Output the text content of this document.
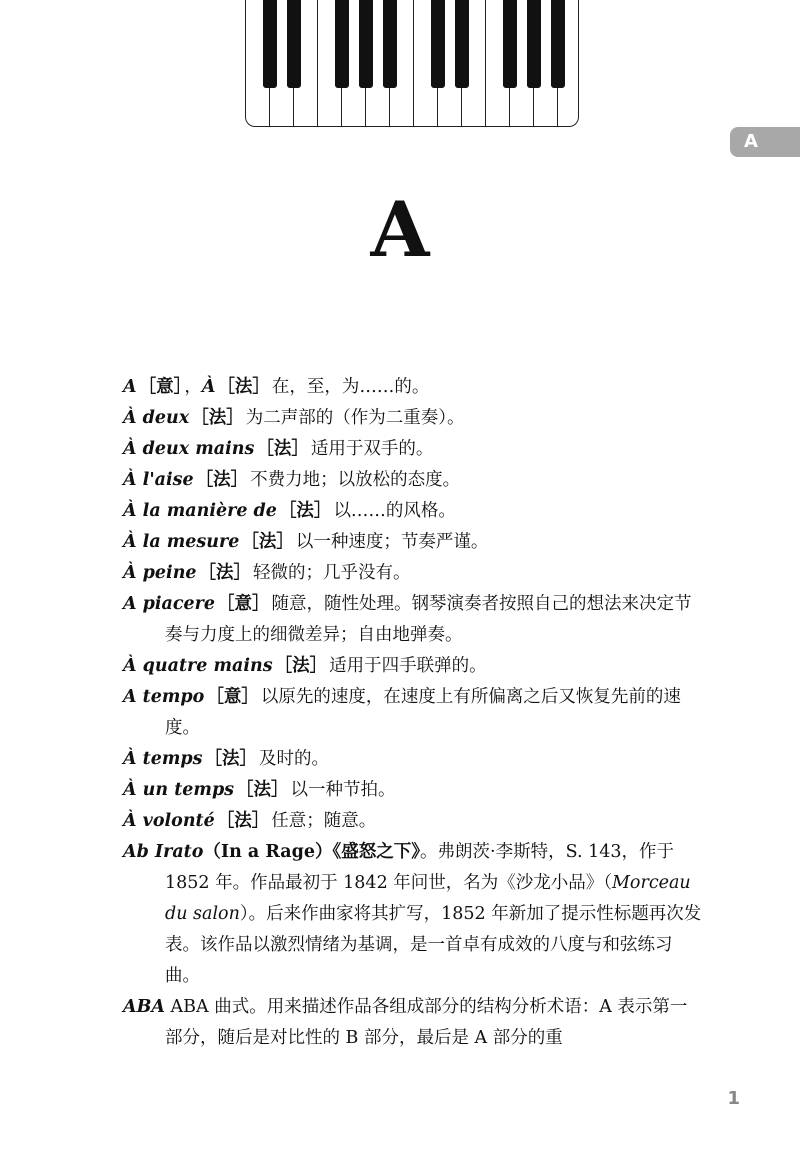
A
A
A ［意］ ，À ［法］ 在，至，为……的。
À deux ［法］ 为二声部的（作为二重奏）。
À deux mains ［法］ 适用于双手的。
À l'aise ［法］ 不费力地；以放松的态度。
À la manière de ［法］ 以……的风格。
À la mesure ［法］ 以一种速度；节奏严谨。
À peine ［法］ 轻微的；几乎没有。
A piacere ［意］ 随意，随性处理。钢琴演奏者按照自己的想法来决定节奏与力度上的细微差异；自由地弹奏。
À quatre mains ［法］ 适用于四手联弹的。
A tempo ［意］ 以原先的速度，在速度上有所偏离之后又恢复先前的速度。
À temps ［法］ 及时的。
À un temps ［法］ 以一种节拍。
À volonté ［法］ 任意；随意。
Ab Irato（In a Rage）《盛怒之下》。弗朗茨·李斯特，S. 143，作于 1852 年。作品最初于 1842 年问世，名为《沙龙小品》（Morceau du salon）。后来作曲家将其扩写，1852 年新加了提示性标题再次发表。该作品以激烈情绪为基调，是一首卓有成效的八度与和弦练习曲。
ABA ABA 曲式。用来描述作品各组成部分的结构分析术语：A 表示第一部分，随后是对比性的 B 部分，最后是 A 部分的重
1
